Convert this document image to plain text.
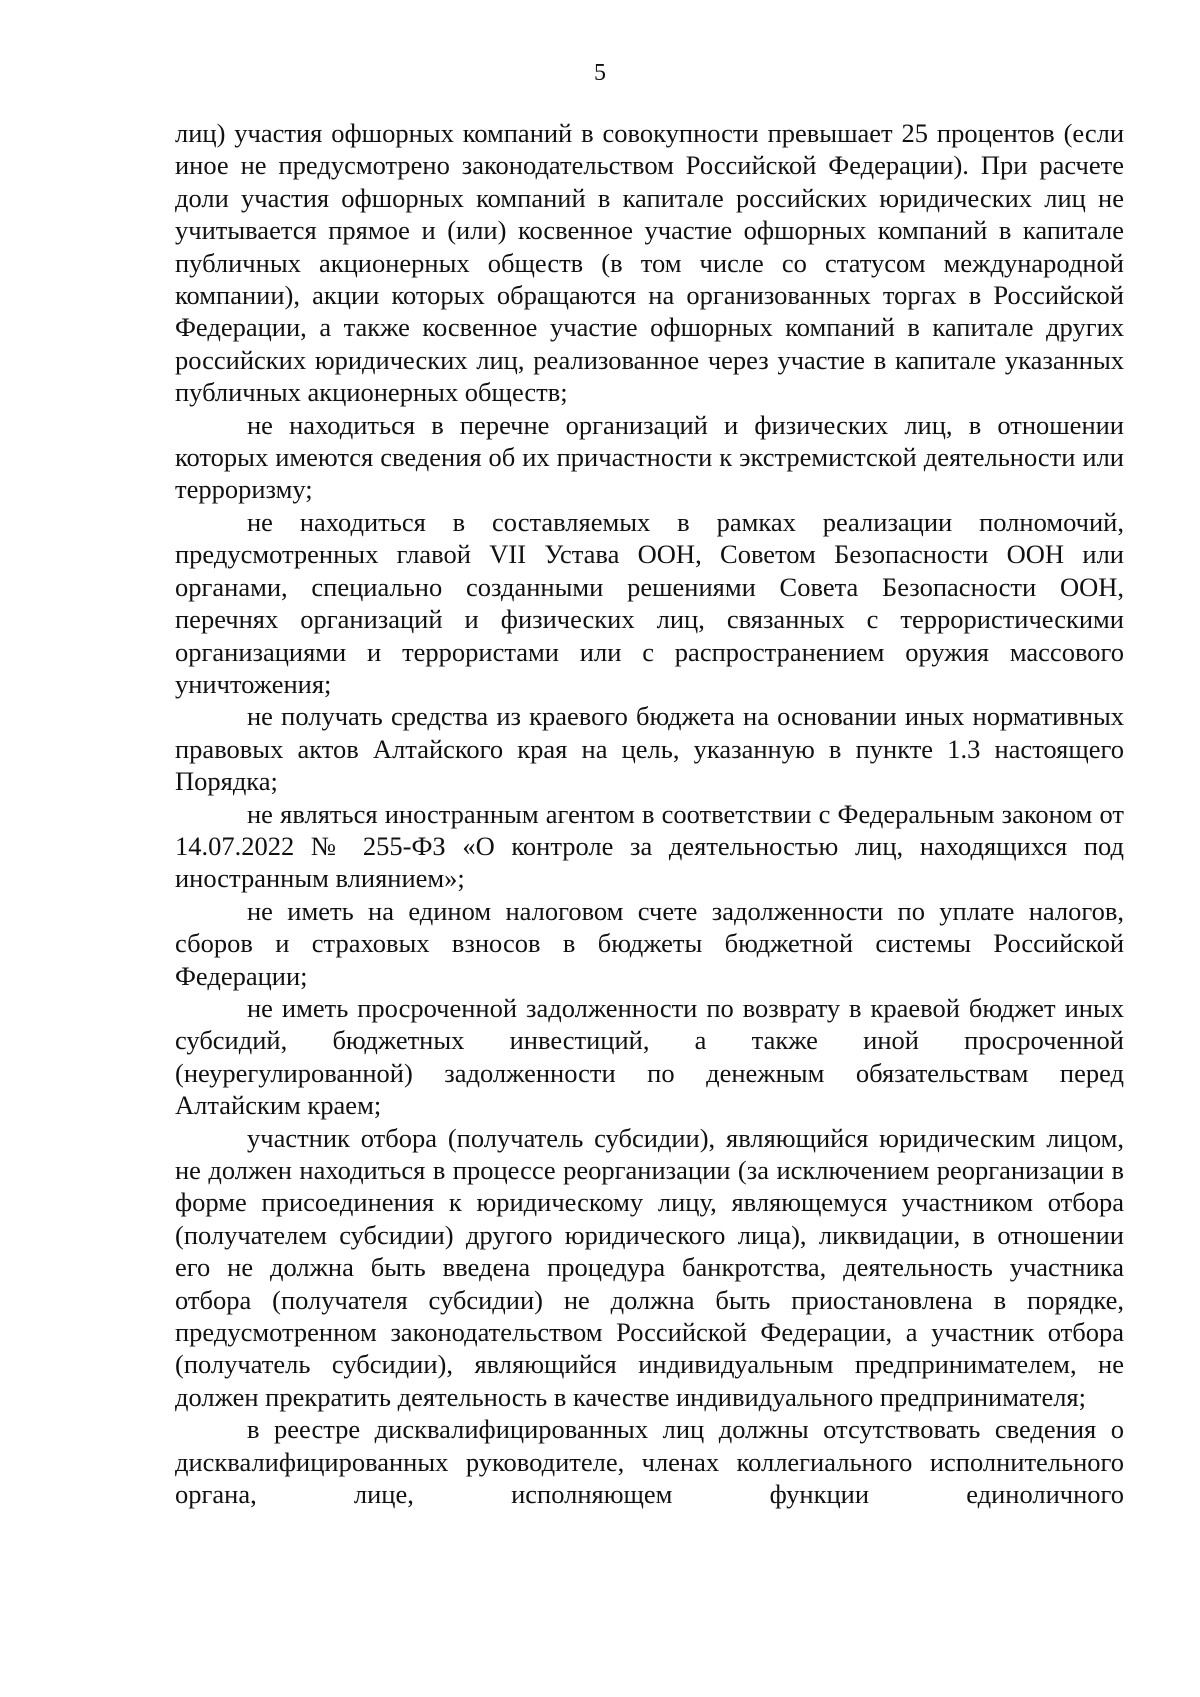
5

лиц) участия офшорных компаний в совокупности превышает 25 процентов (если иное не предусмотрено законодательством Российской Федерации). При расчете доли участия офшорных компаний в капитале российских юридических лиц не учитывается прямое и (или) косвенное участие офшорных компаний в капитале публичных акционерных обществ (в том числе со статусом международной компании), акции которых обращаются на организованных торгах в Российской Федерации, а также косвенное участие офшорных компаний в капитале других российских юридических лиц, реализованное через участие в капитале указанных публичных акционерных обществ;

не находиться в перечне организаций и физических лиц, в отношении которых имеются сведения об их причастности к экстремистской деятельности или терроризму;

не находиться в составляемых в рамках реализации полномочий, предусмотренных главой VII Устава ООН, Советом Безопасности ООН или органами, специально созданными решениями Совета Безопасности ООН, перечнях организаций и физических лиц, связанных с террористическими организациями и террористами или с распространением оружия массового уничтожения;

не получать средства из краевого бюджета на основании иных нормативных правовых актов Алтайского края на цель, указанную в пункте 1.3 настоящего Порядка;

не являться иностранным агентом в соответствии с Федеральным законом от 14.07.2022 № 255-ФЗ «О контроле за деятельностью лиц, находящихся под иностранным влиянием»;

не иметь на едином налоговом счете задолженности по уплате налогов, сборов и страховых взносов в бюджеты бюджетной системы Российской Федерации;

не иметь просроченной задолженности по возврату в краевой бюджет иных субсидий, бюджетных инвестиций, а также иной просроченной (неурегулированной) задолженности по денежным обязательствам перед Алтайским краем;

участник отбора (получатель субсидии), являющийся юридическим лицом, не должен находиться в процессе реорганизации (за исключением реорганизации в форме присоединения к юридическому лицу, являющемуся участником отбора (получателем субсидии) другого юридического лица), ликвидации, в отношении его не должна быть введена процедура банкротства, деятельность участника отбора (получателя субсидии) не должна быть приостановлена в порядке, предусмотренном законодательством Российской Федерации, а участник отбора (получатель субсидии), являющийся индивидуальным предпринимателем, не должен прекратить деятельность в качестве индивидуального предпринимателя;

в реестре дисквалифицированных лиц должны отсутствовать сведения о дисквалифицированных руководителе, членах коллегиального исполнительного органа, лице, исполняющем функции единоличного
